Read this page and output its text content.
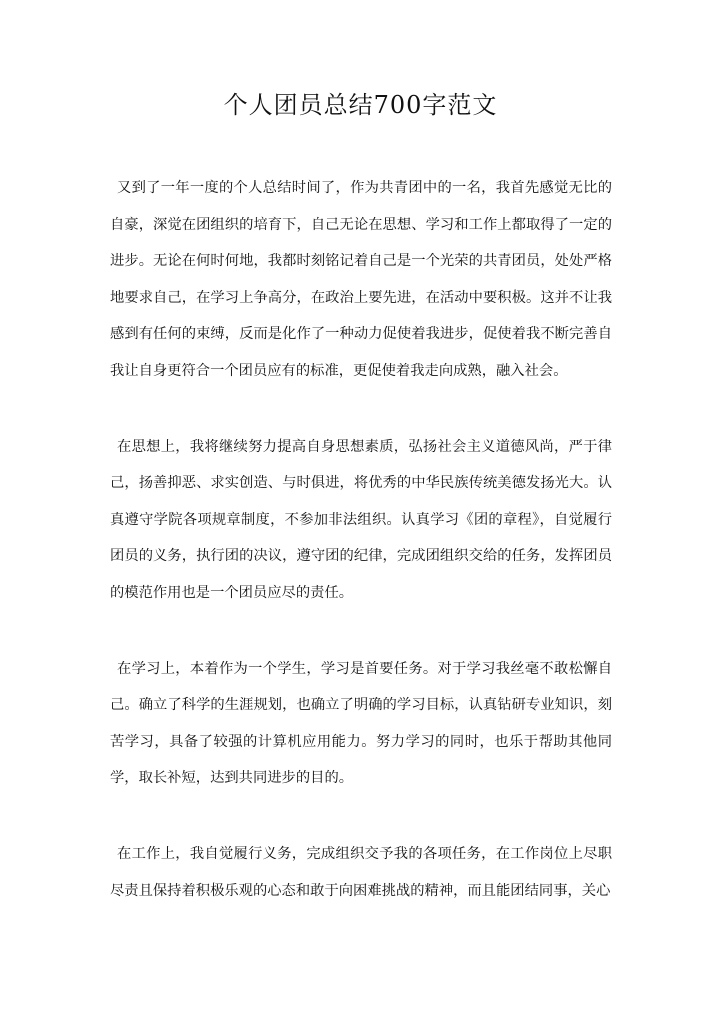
个人团员总结700字范文

又到了一年一度的个人总结时间了，作为共青团中的一名，我首先感觉无比的自豪，深觉在团组织的培育下，自己无论在思想、学习和工作上都取得了一定的进步。无论在何时何地，我都时刻铭记着自己是一个光荣的共青团员，处处严格地要求自己，在学习上争高分，在政治上要先进，在活动中要积极。这并不让我感到有任何的束缚，反而是化作了一种动力促使着我进步，促使着我不断完善自我让自身更符合一个团员应有的标准，更促使着我走向成熟，融入社会。

在思想上，我将继续努力提高自身思想素质，弘扬社会主义道德风尚，严于律己，扬善抑恶、求实创造、与时俱进，将优秀的中华民族传统美德发扬光大。认真遵守学院各项规章制度，不参加非法组织。认真学习《团的章程》，自觉履行团员的义务，执行团的决议，遵守团的纪律，完成团组织交给的任务，发挥团员的模范作用也是一个团员应尽的责任。

在学习上，本着作为一个学生，学习是首要任务。对于学习我丝毫不敢松懈自己。确立了科学的生涯规划，也确立了明确的学习目标，认真钻研专业知识，刻苦学习，具备了较强的计算机应用能力。努力学习的同时，也乐于帮助其他同学，取长补短，达到共同进步的目的。

在工作上，我自觉履行义务，完成组织交予我的各项任务，在工作岗位上尽职尽责且保持着积极乐观的心态和敢于向困难挑战的精神，而且能团结同事，关心
